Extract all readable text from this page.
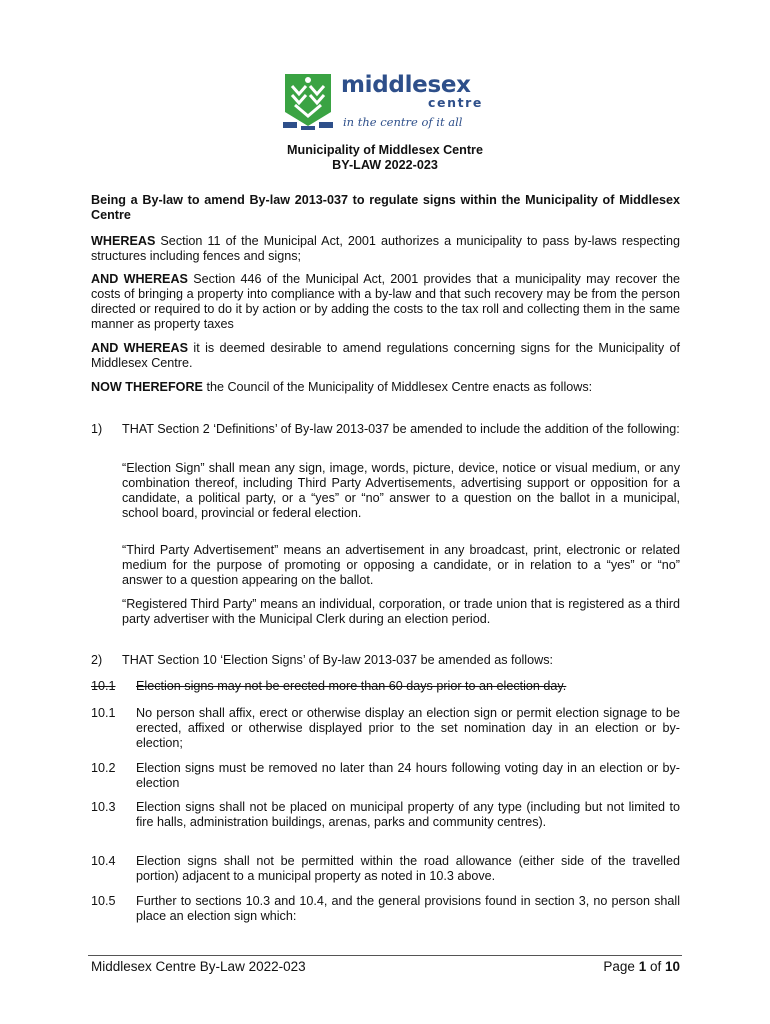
middlesex
centre
in the centre of it all
Municipality of Middlesex Centre
BY-LAW 2022-023
Being a By-law to amend By-law 2013-037 to regulate signs within the Municipality of Middlesex Centre
WHEREAS Section 11 of the Municipal Act, 2001 authorizes a municipality to pass by-laws respecting structures including fences and signs;
AND WHEREAS Section 446 of the Municipal Act, 2001 provides that a municipality may recover the costs of bringing a property into compliance with a by-law and that such recovery may be from the person directed or required to do it by action or by adding the costs to the tax roll and collecting them in the same manner as property taxes
AND WHEREAS it is deemed desirable to amend regulations concerning signs for the Municipality of Middlesex Centre.
NOW THEREFORE the Council of the Municipality of Middlesex Centre enacts as follows:
1) THAT Section 2 ‘Definitions’ of By-law 2013-037 be amended to include the addition of the following:
“Election Sign” shall mean any sign, image, words, picture, device, notice or visual medium, or any combination thereof, including Third Party Advertisements, advertising support or opposition for a candidate, a political party, or a “yes” or “no” answer to a question on the ballot in a municipal, school board, provincial or federal election.
“Third Party Advertisement” means an advertisement in any broadcast, print, electronic or related medium for the purpose of promoting or opposing a candidate, or in relation to a “yes” or “no” answer to a question appearing on the ballot.
“Registered Third Party” means an individual, corporation, or trade union that is registered as a third party advertiser with the Municipal Clerk during an election period.
2) THAT Section 10 ‘Election Signs’ of By-law 2013-037 be amended as follows:
10.1 Election signs may not be erected more than 60 days prior to an election day.
10.1 No person shall affix, erect or otherwise display an election sign or permit election signage to be erected, affixed or otherwise displayed prior to the set nomination day in an election or by-election;
10.2 Election signs must be removed no later than 24 hours following voting day in an election or by-election
10.3 Election signs shall not be placed on municipal property of any type (including but not limited to fire halls, administration buildings, arenas, parks and community centres).
10.4 Election signs shall not be permitted within the road allowance (either side of the travelled portion) adjacent to a municipal property as noted in 10.3 above.
10.5 Further to sections 10.3 and 10.4, and the general provisions found in section 3, no person shall place an election sign which:
Middlesex Centre By-Law 2022-023	Page 1 of 10
